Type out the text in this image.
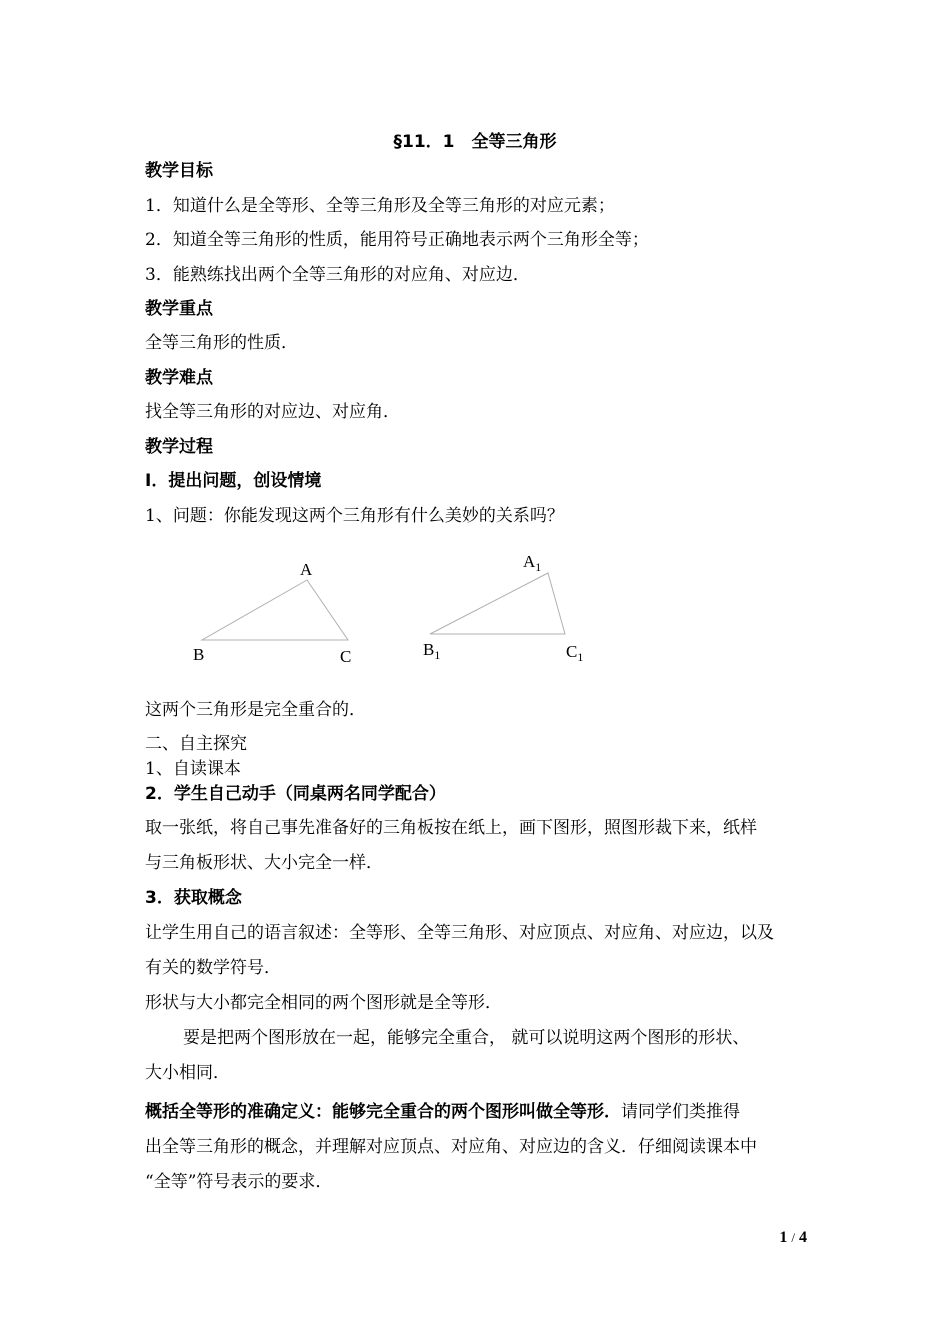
§11．1　全等三角形
教学目标
1．知道什么是全等形、全等三角形及全等三角形的对应元素；
2．知道全等三角形的性质，能用符号正确地表示两个三角形全等；
3．能熟练找出两个全等三角形的对应角、对应边．
教学重点
全等三角形的性质．
教学难点
找全等三角形的对应边、对应角．
教学过程
Ⅰ．提出问题，创设情境
1、问题：你能发现这两个三角形有什么美妙的关系吗？
A
B	C
$A_1$
$B_1$	$C_1$
这两个三角形是完全重合的．
二、自主探究
1、自读课本
2．学生自己动手（同桌两名同学配合）
取一张纸，将自己事先准备好的三角板按在纸上，画下图形，照图形裁下来，纸样
与三角板形状、大小完全一样．
3．获取概念
让学生用自己的语言叙述：全等形、全等三角形、对应顶点、对应角、对应边，以及
有关的数学符号．
形状与大小都完全相同的两个图形就是全等形．
要是把两个图形放在一起，能够完全重合， 就可以说明这两个图形的形状、
大小相同．
概括全等形的准确定义：能够完全重合的两个图形叫做全等形．请同学们类推得
出全等三角形的概念，并理解对应顶点、对应角、对应边的含义．仔细阅读课本中
“全等”符号表示的要求．
1 / 4
